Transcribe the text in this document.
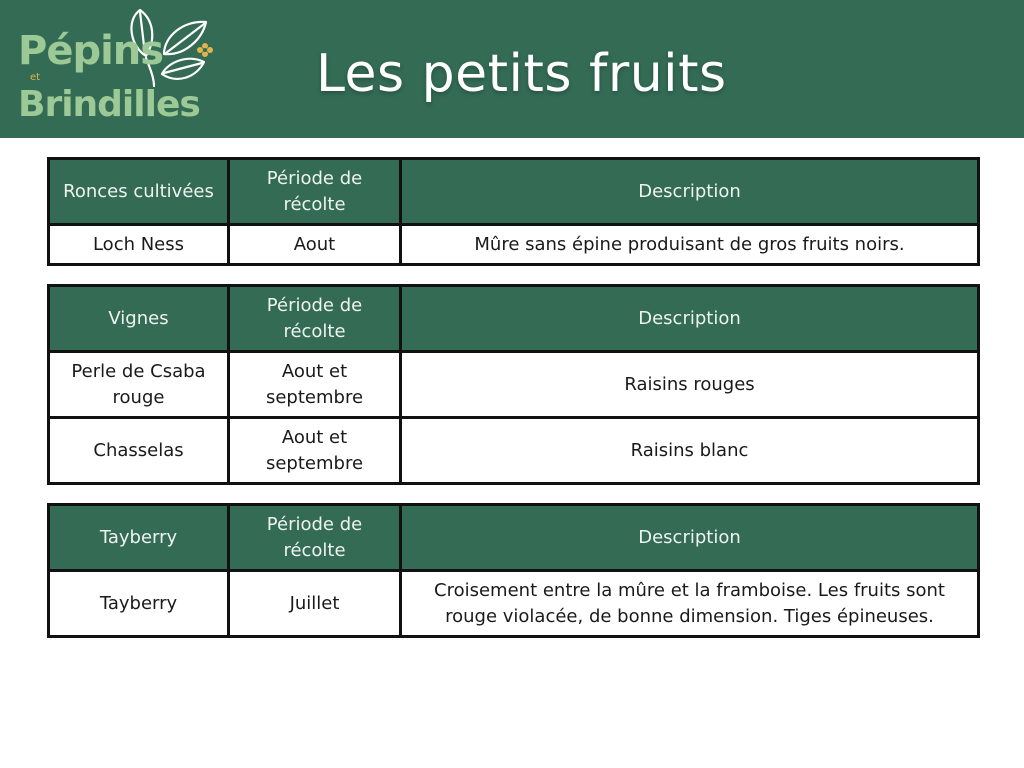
Pépins
et
Brindilles
Les petits fruits
Ronces cultivées	Période de récolte	Description
Loch Ness	Aout	Mûre sans épine produisant de gros fruits noirs.
Vignes	Période de récolte	Description
Perle de Csaba rouge	Aout et septembre	Raisins rouges
Chasselas	Aout et septembre	Raisins blanc
Tayberry	Période de récolte	Description
Tayberry	Juillet	Croisement entre la mûre et la framboise. Les fruits sont rouge violacée, de bonne dimension. Tiges épineuses.
